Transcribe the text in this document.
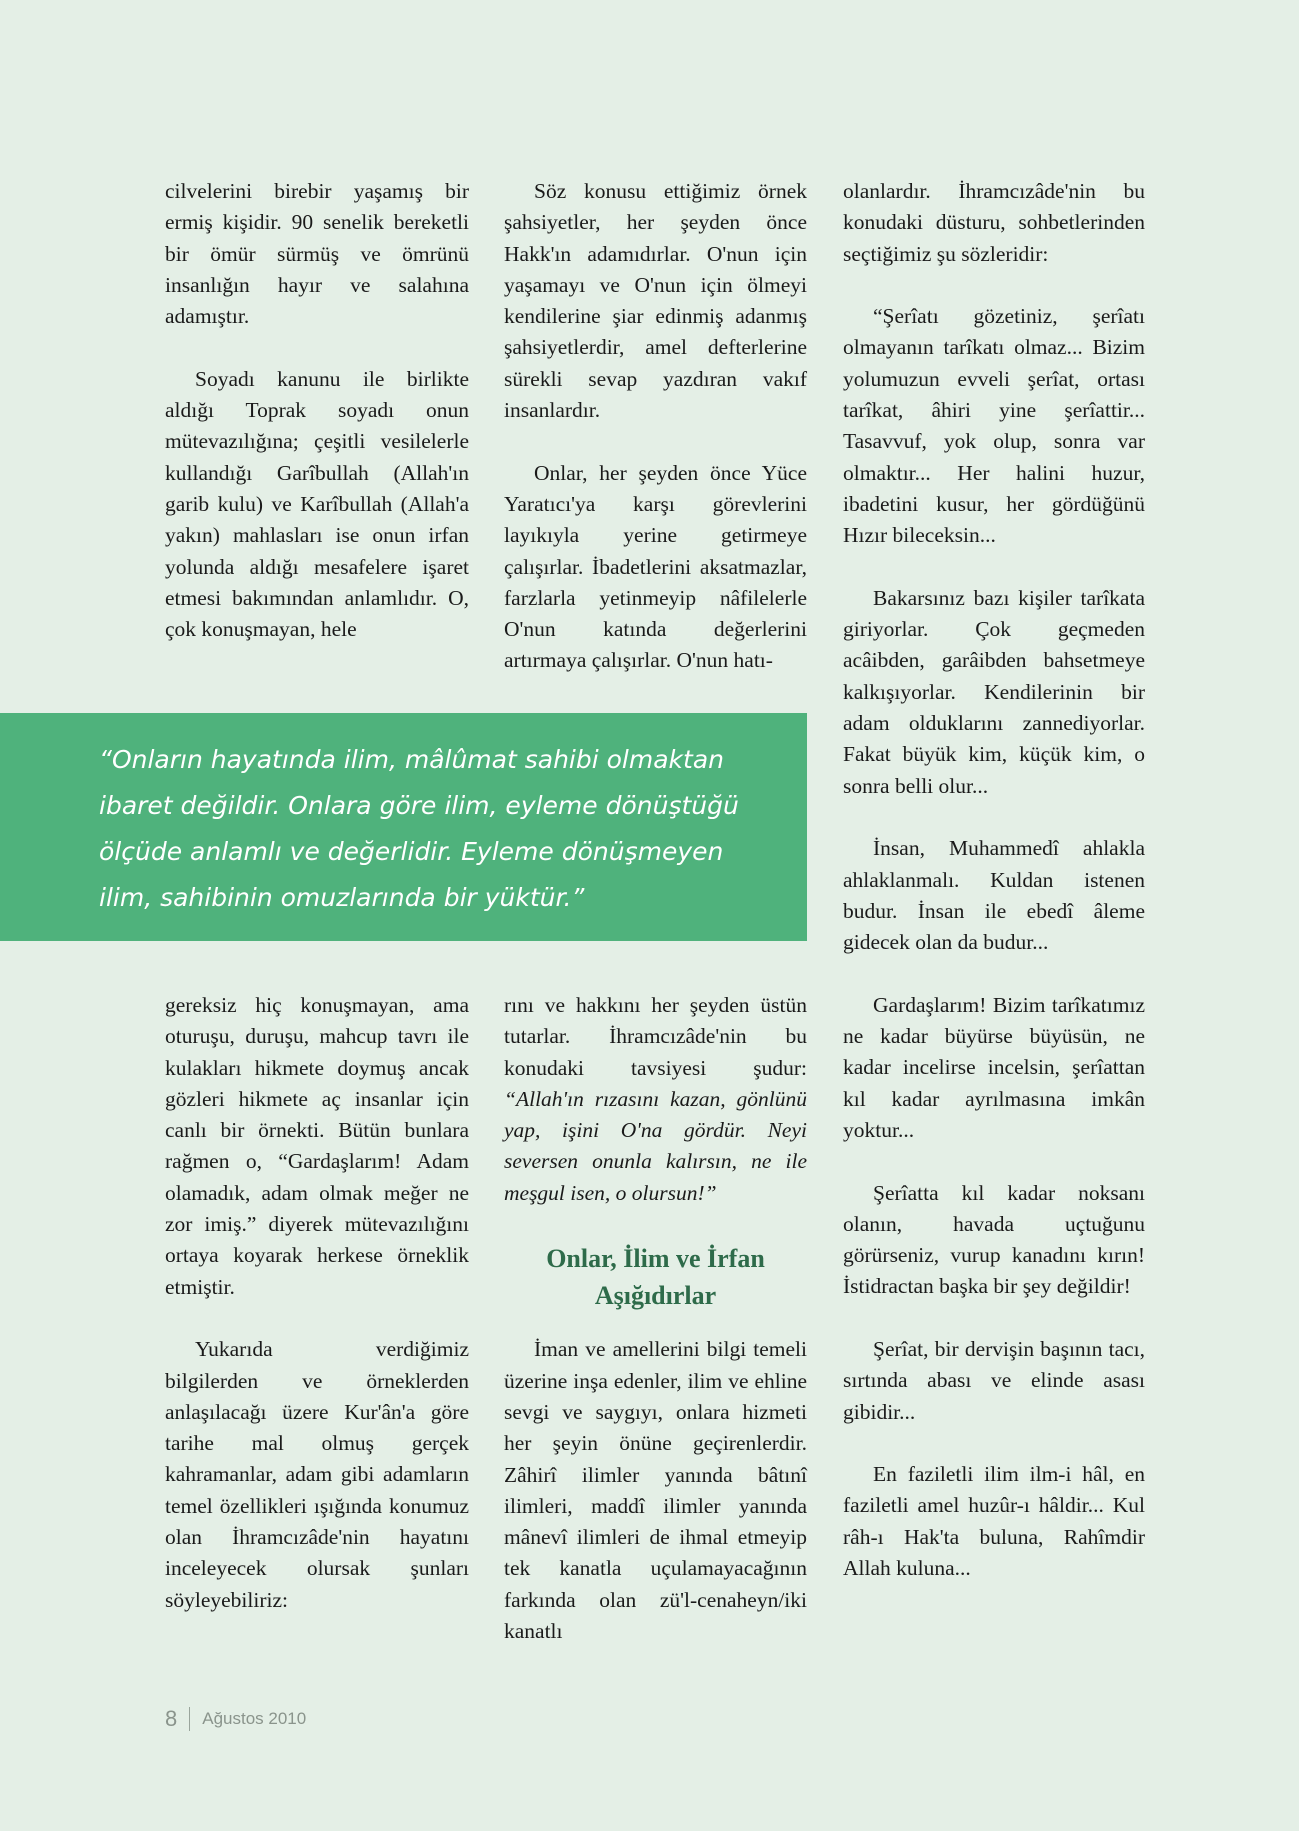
cilvelerini birebir yaşamış bir ermiş kişidir. 90 senelik bereketli bir ömür sürmüş ve ömrünü insanlığın hayır ve salahına adamıştır.

Soyadı kanunu ile birlikte aldığı Toprak soyadı onun mütevazılığına; çeşitli vesilelerle kullandığı Garîbullah (Allah'ın garib kulu) ve Karîbullah (Allah'a yakın) mahlasları ise onun irfan yolunda aldığı mesafelere işaret etmesi bakımından anlamlıdır. O, çok konuşmayan, hele

Söz konusu ettiğimiz örnek şahsiyetler, her şeyden önce Hakk'ın adamıdırlar. O'nun için yaşamayı ve O'nun için ölmeyi kendilerine şiar edinmiş adanmış şahsiyetlerdir, amel defterlerine sürekli sevap yazdıran vakıf insanlardır.

Onlar, her şeyden önce Yüce Yaratıcı'ya karşı görevlerini layıkıyla yerine getirmeye çalışırlar. İbadetlerini aksatmazlar, farzlarla yetinmeyip nâfilelerle O'nun katında değerlerini artırmaya çalışırlar. O'nun hatı-

“Onların hayatında ilim, mâlûmat sahibi olmaktan ibaret değildir. Onlara göre ilim, eyleme dönüştüğü ölçüde anlamlı ve değerlidir. Eyleme dönüşmeyen ilim, sahibinin omuzlarında bir yüktür.”

gereksiz hiç konuşmayan, ama oturuşu, duruşu, mahcup tavrı ile kulakları hikmete doymuş ancak gözleri hikmete aç insanlar için canlı bir örnekti. Bütün bunlara rağmen o, “Gardaşlarım! Adam olamadık, adam olmak meğer ne zor imiş.” diyerek mütevazılığını ortaya koyarak herkese örneklik etmiştir.

Yukarıda verdiğimiz bilgilerden ve örneklerden anlaşılacağı üzere Kur'ân'a göre tarihe mal olmuş gerçek kahramanlar, adam gibi adamların temel özellikleri ışığında konumuz olan İhramcızâde'nin hayatını inceleyecek olursak şunları söyleyebiliriz:

rını ve hakkını her şeyden üstün tutarlar. İhramcızâde'nin bu konudaki tavsiyesi şudur: “Allah'ın rızasını kazan, gönlünü yap, işini O'na gördür. Neyi seversen onunla kalırsın, ne ile meşgul isen, o olursun!”

Onlar, İlim ve İrfan Aşığıdırlar

İman ve amellerini bilgi temeli üzerine inşa edenler, ilim ve ehline sevgi ve saygıyı, onlara hizmeti her şeyin önüne geçirenlerdir. Zâhirî ilimler yanında bâtınî ilimleri, maddî ilimler yanında mânevî ilimleri de ihmal etmeyip tek kanatla uçulamayacağının farkında olan zü'l-cenaheyn/iki kanatlı

olanlardır. İhramcızâde'nin bu konudaki düsturu, sohbetlerinden seçtiğimiz şu sözleridir:

“Şerîatı gözetiniz, şerîatı olmayanın tarîkatı olmaz... Bizim yolumuzun evveli şerîat, ortası tarîkat, âhiri yine şerîattir... Tasavvuf, yok olup, sonra var olmaktır... Her halini huzur, ibadetini kusur, her gördüğünü Hızır bileceksin...

Bakarsınız bazı kişiler tarîkata giriyorlar. Çok geçmeden acâibden, garâibden bahsetmeye kalkışıyorlar. Kendilerinin bir adam olduklarını zannediyorlar. Fakat büyük kim, küçük kim, o sonra belli olur...

İnsan, Muhammedî ahlakla ahlaklanmalı. Kuldan istenen budur. İnsan ile ebedî âleme gidecek olan da budur...

Gardaşlarım! Bizim tarîkatımız ne kadar büyürse büyüsün, ne kadar incelirse incelsin, şerîattan kıl kadar ayrılmasına imkân yoktur...

Şerîatta kıl kadar noksanı olanın, havada uçtuğunu görürseniz, vurup kanadını kırın! İstidractan başka bir şey değildir!

Şerîat, bir dervişin başının tacı, sırtında abası ve elinde asası gibidir...

En faziletli ilim ilm-i hâl, en faziletli amel huzûr-ı hâldir... Kul râh-ı Hak'ta buluna, Rahîmdir Allah kuluna...

8 Ağustos 2010
